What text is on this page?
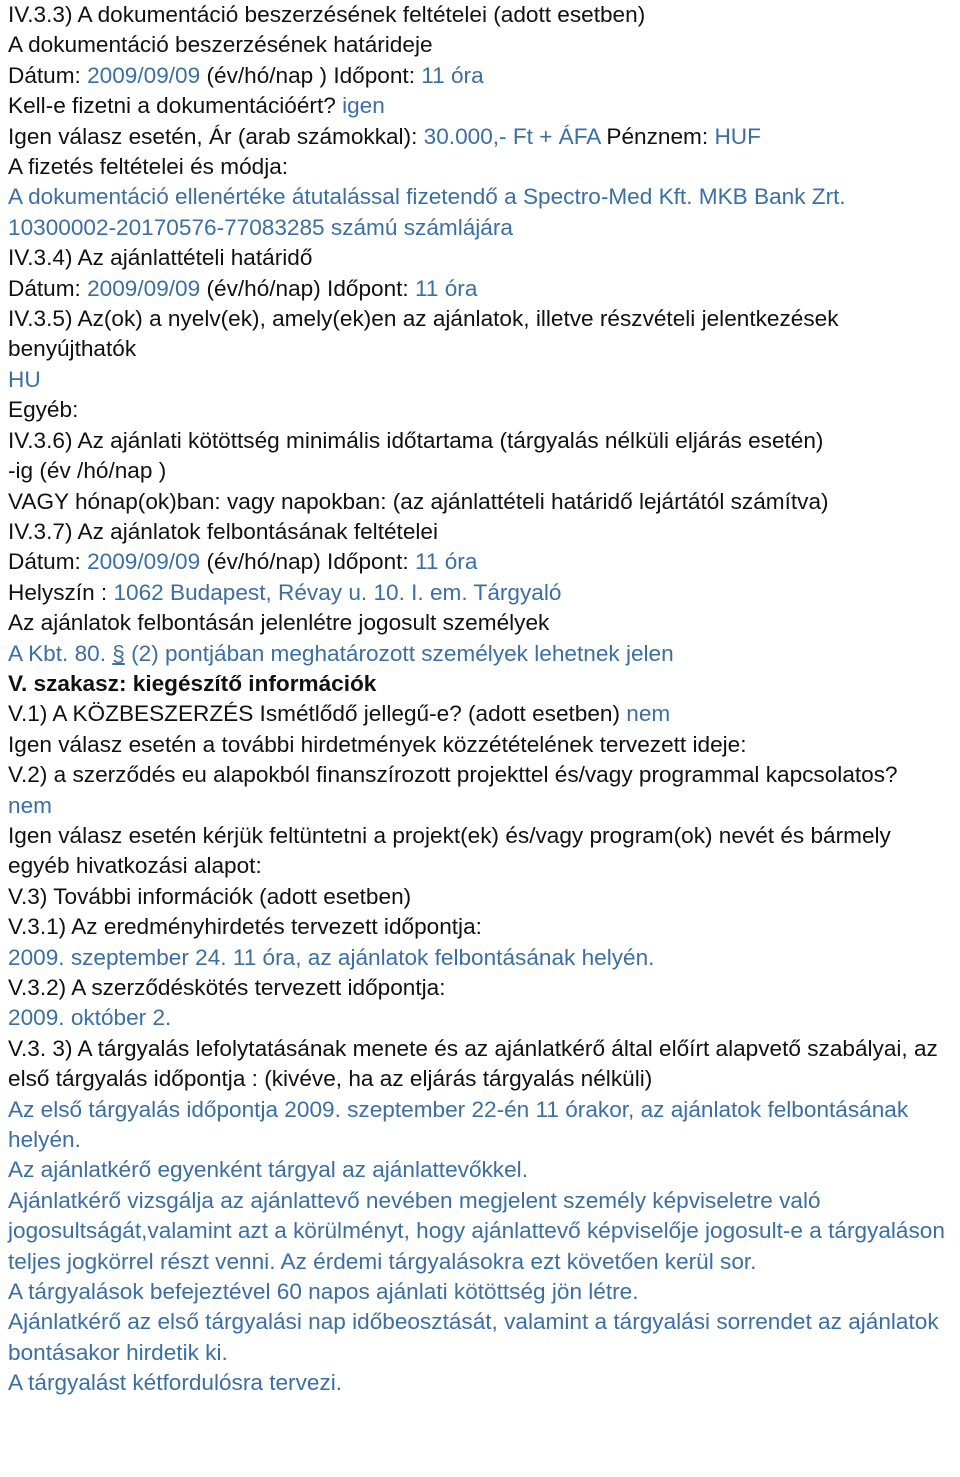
IV.3.3) A dokumentáció beszerzésének feltételei (adott esetben)
A dokumentáció beszerzésének határideje
Dátum: 2009/09/09 (év/hó/nap ) Időpont: 11 óra
Kell-e fizetni a dokumentációért? igen
Igen válasz esetén, Ár (arab számokkal): 30.000,- Ft + ÁFA Pénznem: HUF
A fizetés feltételei és módja:
A dokumentáció ellenértéke átutalással fizetendő a Spectro-Med Kft. MKB Bank Zrt.
10300002-20170576-77083285 számú számlájára
IV.3.4) Az ajánlattételi határidő
Dátum: 2009/09/09 (év/hó/nap) Időpont: 11 óra
IV.3.5) Az(ok) a nyelv(ek), amely(ek)en az ajánlatok, illetve részvételi jelentkezések benyújthatók
HU
Egyéb:
IV.3.6) Az ajánlati kötöttség minimális időtartama (tárgyalás nélküli eljárás esetén)
-ig (év /hó/nap )
VAGY hónap(ok)ban: vagy napokban: (az ajánlattételi határidő lejártától számítva)
IV.3.7) Az ajánlatok felbontásának feltételei
Dátum: 2009/09/09 (év/hó/nap) Időpont: 11 óra
Helyszín : 1062 Budapest, Révay u. 10. I. em. Tárgyaló
Az ajánlatok felbontásán jelenlétre jogosult személyek
A Kbt. 80. § (2) pontjában meghatározott személyek lehetnek jelen
V. szakasz: kiegészítő információk
V.1) A KÖZBESZERZÉS Ismétlődő jellegű-e? (adott esetben) nem
Igen válasz esetén a további hirdetmények közzétételének tervezett ideje:
V.2) a szerződés eu alapokból finanszírozott projekttel és/vagy programmal kapcsolatos?
nem
Igen válasz esetén kérjük feltüntetni a projekt(ek) és/vagy program(ok) nevét és bármely egyéb hivatkozási alapot:
V.3) További információk (adott esetben)
V.3.1) Az eredményhirdetés tervezett időpontja:
2009. szeptember 24. 11 óra, az ajánlatok felbontásának helyén.
V.3.2) A szerződéskötés tervezett időpontja:
2009. október 2.
V.3. 3) A tárgyalás lefolytatásának menete és az ajánlatkérő által előírt alapvető szabályai, az első tárgyalás időpontja : (kivéve, ha az eljárás tárgyalás nélküli)
Az első tárgyalás időpontja 2009. szeptember 22-én 11 órakor, az ajánlatok felbontásának helyén.
Az ajánlatkérő egyenként tárgyal az ajánlattevőkkel.
Ajánlatkérő vizsgálja az ajánlattevő nevében megjelent személy képviseletre való jogosultságát,valamint azt a körülményt, hogy ajánlattevő képviselője jogosult-e a tárgyaláson teljes jogkörrel részt venni. Az érdemi tárgyalásokra ezt követően kerül sor.
A tárgyalások befejeztével 60 napos ajánlati kötöttség jön létre.
Ajánlatkérő az első tárgyalási nap időbeosztását, valamint a tárgyalási sorrendet az ajánlatok bontásakor hirdetik ki.
A tárgyalást kétfordulósra tervezi.
